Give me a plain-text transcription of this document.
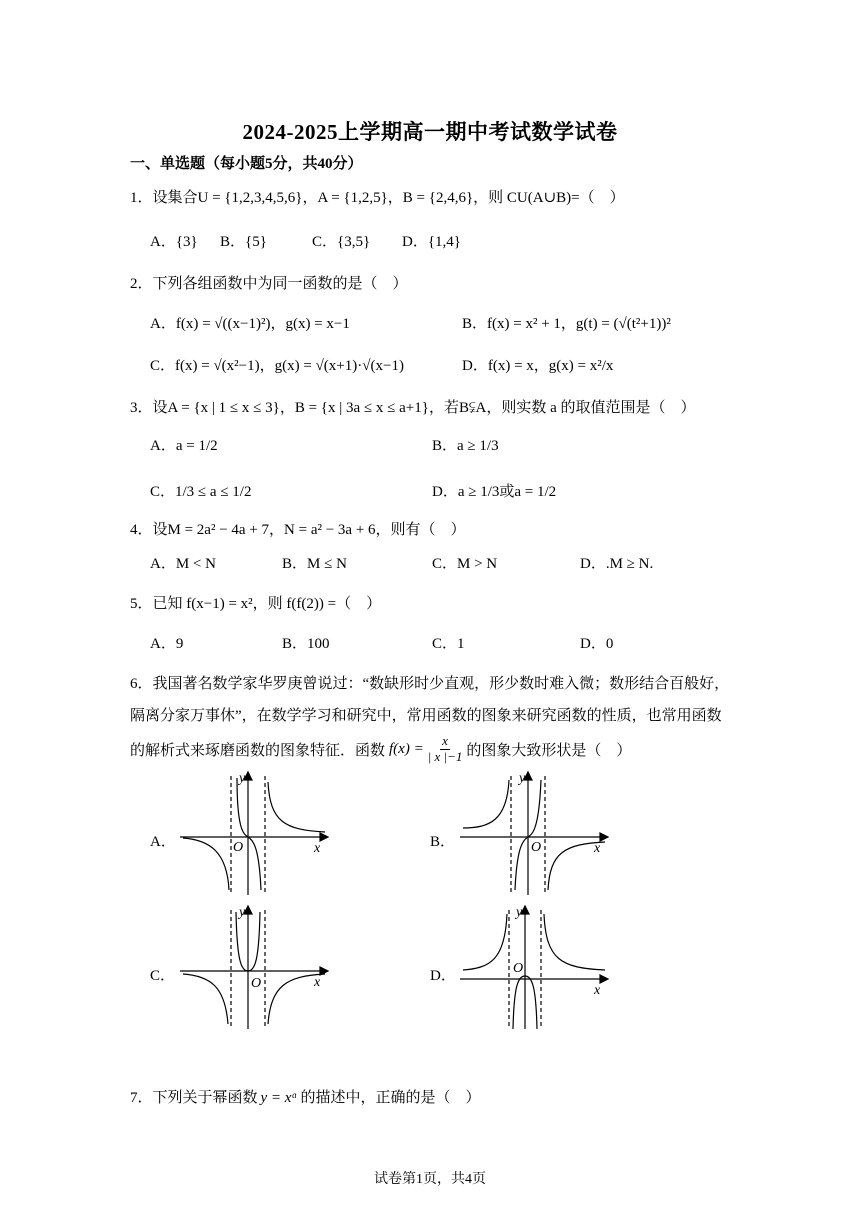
2024-2025上学期高一期中考试数学试卷
一、单选题（每小题5分，共40分）
1．设集合U = {1,2,3,4,5,6}，A = {1,2,5}，B = {2,4,6}，则 CU(A∪B)=（　）
A．{3} B．{5}	C．{3,5} D．{1,4}
2．下列各组函数中为同一函数的是（　）
A．f(x) = √((x−1)²)，g(x) = x−1	B．f(x) = x² + 1，g(t) = (√(t²+1))²
C．f(x) = √(x²−1)，g(x) = √(x+1)·√(x−1)	D．f(x) = x，g(x) = x²/x
3．设A = {x | 1 ≤ x ≤ 3}，B = {x | 3a ≤ x ≤ a+1}，若B⫋A，则实数 a 的取值范围是（　）
A．a = 1/2	B．a ≥ 1/3
C．1/3 ≤ a ≤ 1/2	D．a ≥ 1/3或a = 1/2
4．设M = 2a² − 4a + 7，N = a² − 3a + 6，则有（　）
A．M < N	B．M ≤ N	C．M > N	D．.M ≥ N.
5．已知 f(x−1) = x²，则 f(f(2)) =（　）
A．9	B．100	C．1	D．0
6．我国著名数学家华罗庚曾说过：“数缺形时少直观，形少数时难入微；数形结合百般好，
隔离分家万事休”，在数学学习和研究中，常用函数的图象来研究函数的性质，也常用函数
的解析式来琢磨函数的图象特征．函数 $f(x) = \frac{x}{| x |-1}$ 的图象大致形状是（　）
A．	B．
C．	D．
y
x
O
y
x
O
y
x
O
y
x
O
7．下列关于幂函数 y = xᵅ 的描述中，正确的是（　）
试卷第1页，共4页
